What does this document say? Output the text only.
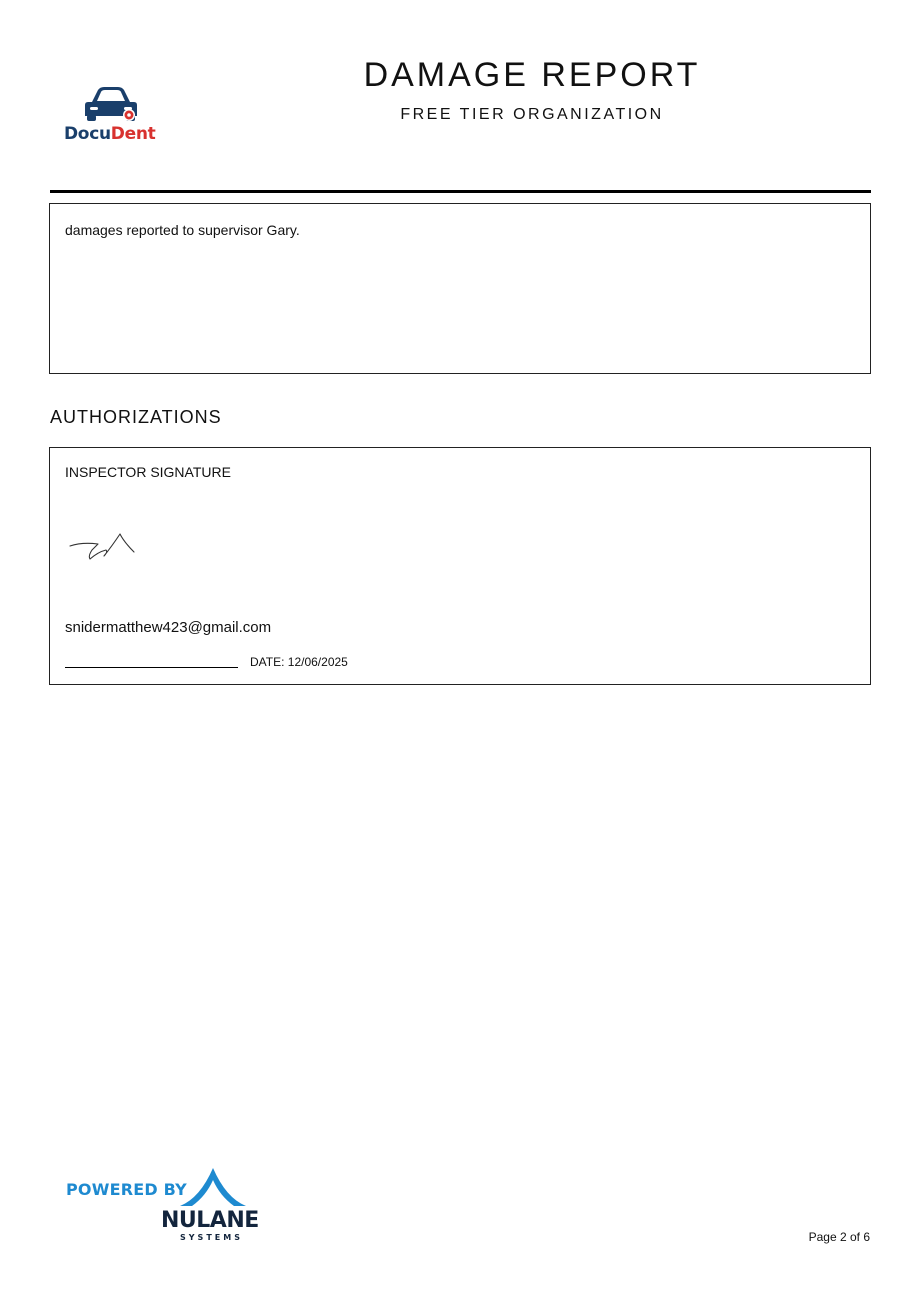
DocuDent
DAMAGE REPORT
FREE TIER ORGANIZATION
damages reported to supervisor Gary.
AUTHORIZATIONS
INSPECTOR SIGNATURE
snidermatthew423@gmail.com
DATE: 12/06/2025
POWERED BY
NULANE
SYSTEMS	Page 2 of 6
